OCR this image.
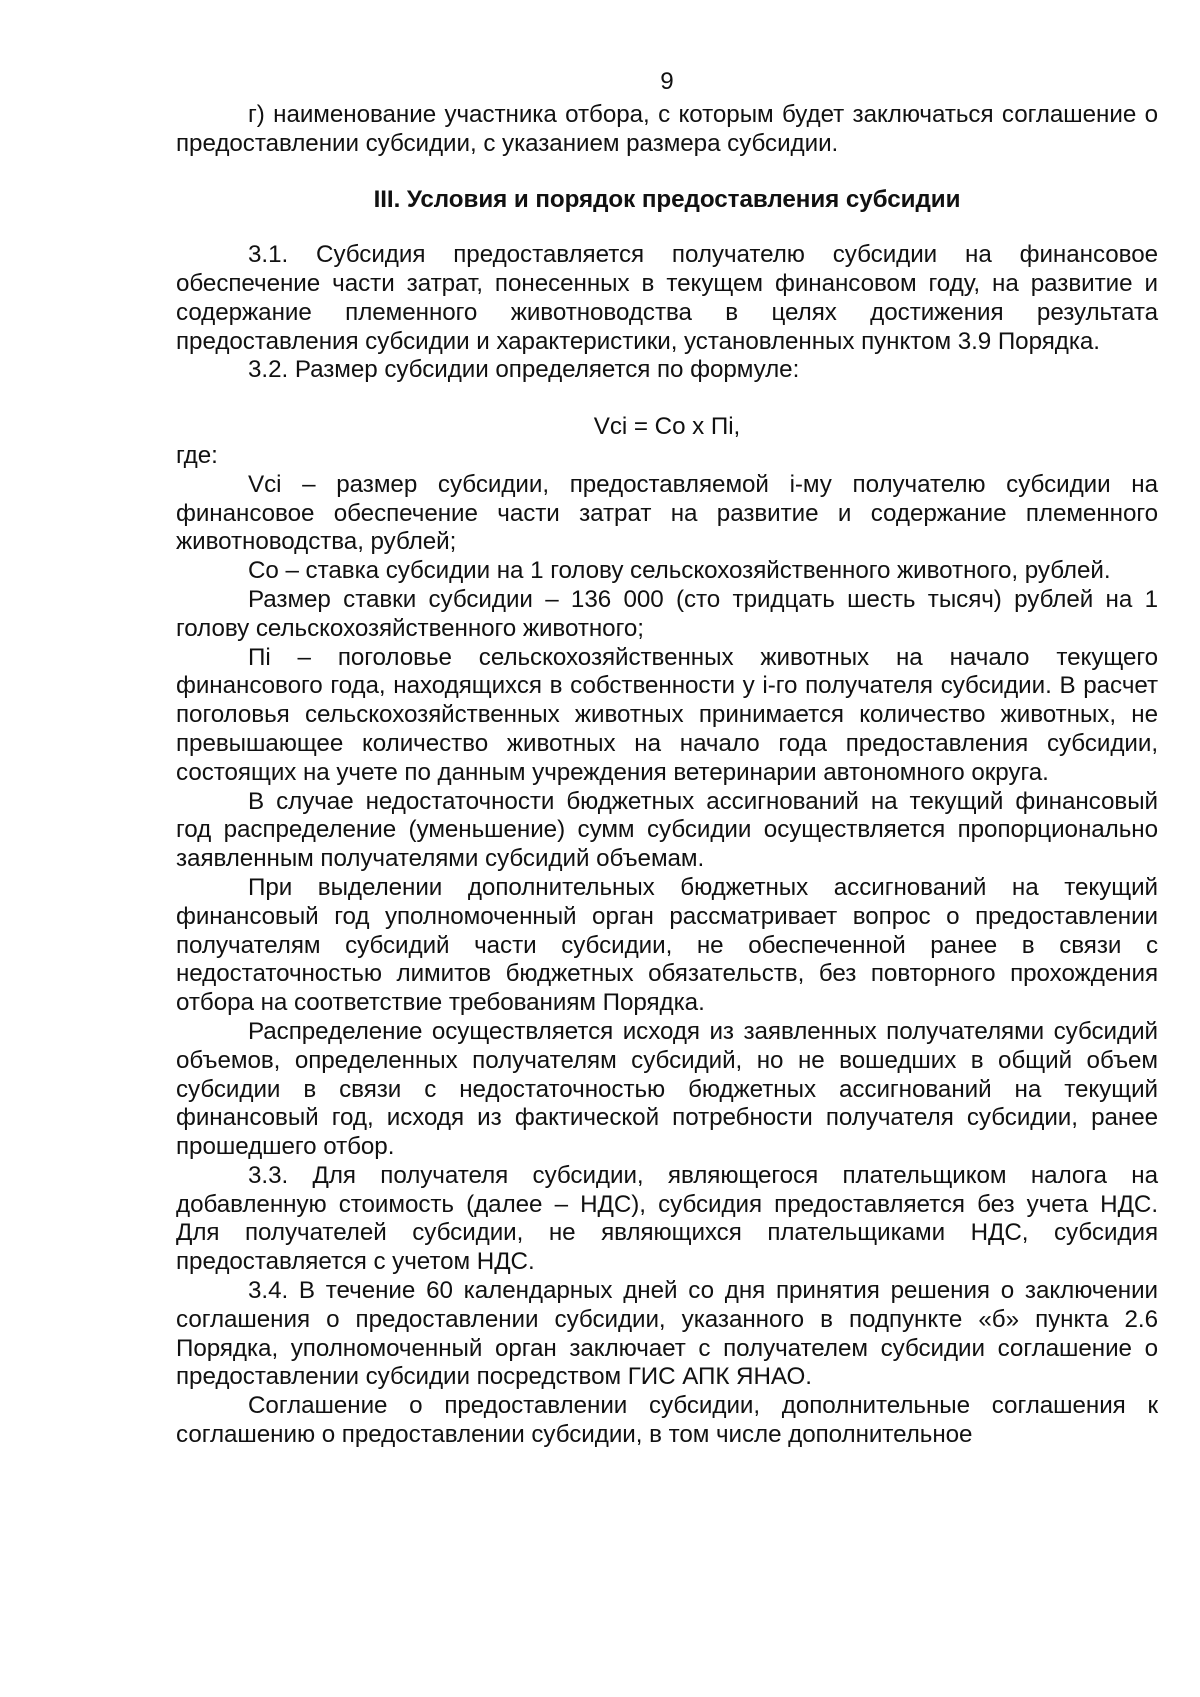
9

г) наименование участника отбора, с которым будет заключаться соглашение о предоставлении субсидии, с указанием размера субсидии.

III. Условия и порядок предоставления субсидии

3.1. Субсидия предоставляется получателю субсидии на финансовое обеспечение части затрат, понесенных в текущем финансовом году, на развитие и содержание племенного животноводства в целях достижения результата предоставления субсидии и характеристики, установленных пунктом 3.9 Порядка.

3.2. Размер субсидии определяется по формуле:

Vci = Со х Пі,

где:

Vci – размер субсидии, предоставляемой і-му получателю субсидии на финансовое обеспечение части затрат на развитие и содержание племенного животноводства, рублей;

Со – ставка субсидии на 1 голову сельскохозяйственного животного, рублей.

Размер ставки субсидии – 136 000 (сто тридцать шесть тысяч) рублей на 1 голову сельскохозяйственного животного;

Пі – поголовье сельскохозяйственных животных на начало текущего финансового года, находящихся в собственности у і-го получателя субсидии. В расчет поголовья сельскохозяйственных животных принимается количество животных, не превышающее количество животных на начало года предоставления субсидии, состоящих на учете по данным учреждения ветеринарии автономного округа.

В случае недостаточности бюджетных ассигнований на текущий финансовый год распределение (уменьшение) сумм субсидии осуществляется пропорционально заявленным получателями субсидий объемам.

При выделении дополнительных бюджетных ассигнований на текущий финансовый год уполномоченный орган рассматривает вопрос о предоставлении получателям субсидий части субсидии, не обеспеченной ранее в связи с недостаточностью лимитов бюджетных обязательств, без повторного прохождения отбора на соответствие требованиям Порядка.

Распределение осуществляется исходя из заявленных получателями субсидий объемов, определенных получателям субсидий, но не вошедших в общий объем субсидии в связи с недостаточностью бюджетных ассигнований на текущий финансовый год, исходя из фактической потребности получателя субсидии, ранее прошедшего отбор.

3.3. Для получателя субсидии, являющегося плательщиком налога на добавленную стоимость (далее – НДС), субсидия предоставляется без учета НДС. Для получателей субсидии, не являющихся плательщиками НДС, субсидия предоставляется с учетом НДС.

3.4. В течение 60 календарных дней со дня принятия решения о заключении соглашения о предоставлении субсидии, указанного в подпункте «б» пункта 2.6 Порядка, уполномоченный орган заключает с получателем субсидии соглашение о предоставлении субсидии посредством ГИС АПК ЯНАО.

Соглашение о предоставлении субсидии, дополнительные соглашения к соглашению о предоставлении субсидии, в том числе дополнительное
